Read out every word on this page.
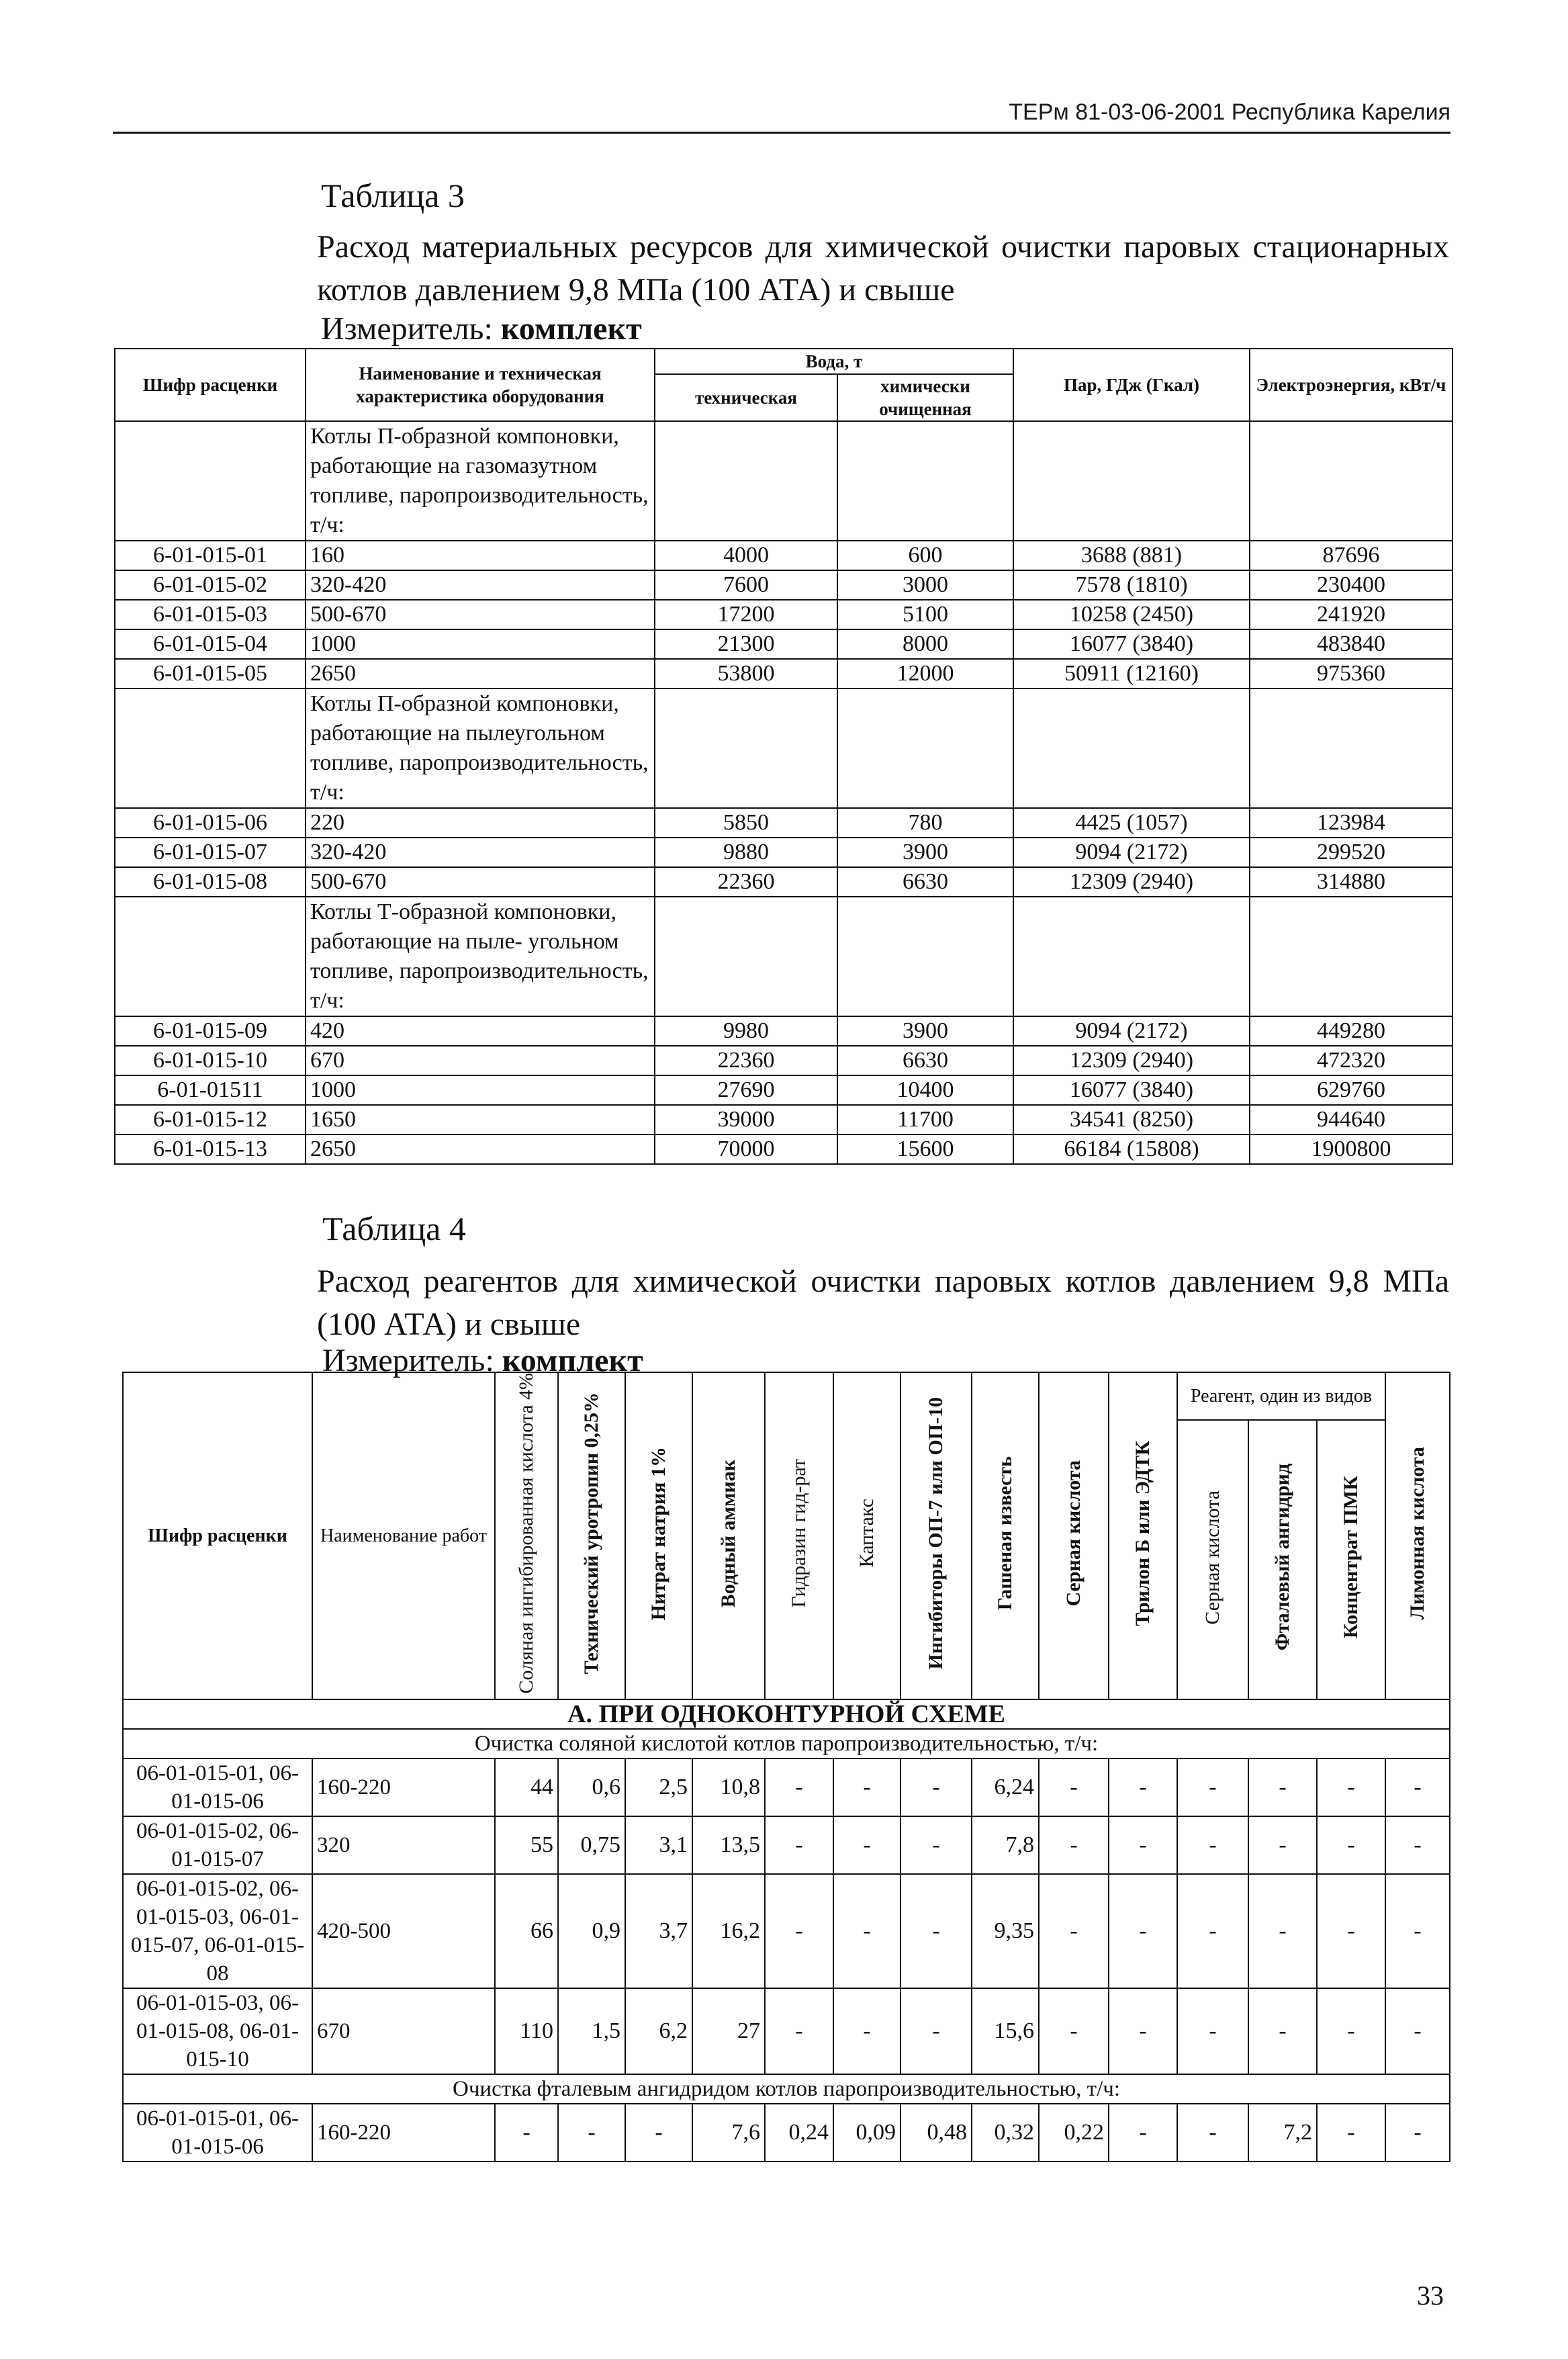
ТЕРм 81-03-06-2001 Республика Карелия
Таблица 3
Расход материальных ресурсов для химической очистки паровых стационарных котлов давлением 9,8 МПа (100 АТА) и свыше
Измеритель: комплект
Шифр расценки	Наименование и техническая характеристика оборудования	Вода, т		Пар, ГДж (Гкал)	Электроэнергия, кВт/ч
		техническая	химически очищенная		
	Котлы П-образной компоновки, работающие на газомазутном топливе, паропроизводительность, т/ч:				
6-01-015-01	160	4000	600	3688 (881)	87696
6-01-015-02	320-420	7600	3000	7578 (1810)	230400
6-01-015-03	500-670	17200	5100	10258 (2450)	241920
6-01-015-04	1000	21300	8000	16077 (3840)	483840
6-01-015-05	2650	53800	12000	50911 (12160)	975360
	Котлы П-образной компоновки, работающие на пылеугольном топливе, паропроизводительность, т/ч:				
6-01-015-06	220	5850	780	4425 (1057)	123984
6-01-015-07	320-420	9880	3900	9094 (2172)	299520
6-01-015-08	500-670	22360	6630	12309 (2940)	314880
	Котлы Т-образной компоновки, работающие на пыле- угольном топливе, паропроизводительность, т/ч:				
6-01-015-09	420	9980	3900	9094 (2172)	449280
6-01-015-10	670	22360	6630	12309 (2940)	472320
6-01-01511	1000	27690	10400	16077 (3840)	629760
6-01-015-12	1650	39000	11700	34541 (8250)	944640
6-01-015-13	2650	70000	15600	66184 (15808)	1900800
Таблица 4
Расход реагентов для химической очистки паровых котлов давлением 9,8 МПа (100 АТА) и свыше
Измеритель: комплект
Шифр расценки	Наименование работ	Соляная ингибированная кислота 4%	Технический уротропин 0,25%	Нитрат натрия 1%	Водный аммиак	Гидразин гид-рат	Каптакс	Ингибиторы ОП-7 или ОП-10	Гашеная известь	Серная кислота	Трилон Б или ЭДТК	Реагент, один из видов			Лимонная кислота
												Серная кислота	Фталевый ангидрид	Концентрат ПМК	
А. ПРИ ОДНОКОНТУРНОЙ СХЕМЕ															
Очистка соляной кислотой котлов паропроизводительностью, т/ч:															
06-01-015-01, 06-01-015-06	160-220	44	0,6	2,5	10,8	-	-	-	6,24	-	-	-	-	-	-
06-01-015-02, 06-01-015-07	320	55	0,75	3,1	13,5	-	-	-	7,8	-	-	-	-	-	-
06-01-015-02, 06-01-015-03, 06-01-015-07, 06-01-015-08	420-500	66	0,9	3,7	16,2	-	-	-	9,35	-	-	-	-	-	-
06-01-015-03, 06-01-015-08, 06-01-015-10	670	110	1,5	6,2	27	-	-	-	15,6	-	-	-	-	-	-
Очистка фталевым ангидридом котлов паропроизводительностью, т/ч:															
06-01-015-01, 06-01-015-06	160-220	-	-	-	7,6	0,24	0,09	0,48	0,32	0,22	-	-	7,2	-	-
33
